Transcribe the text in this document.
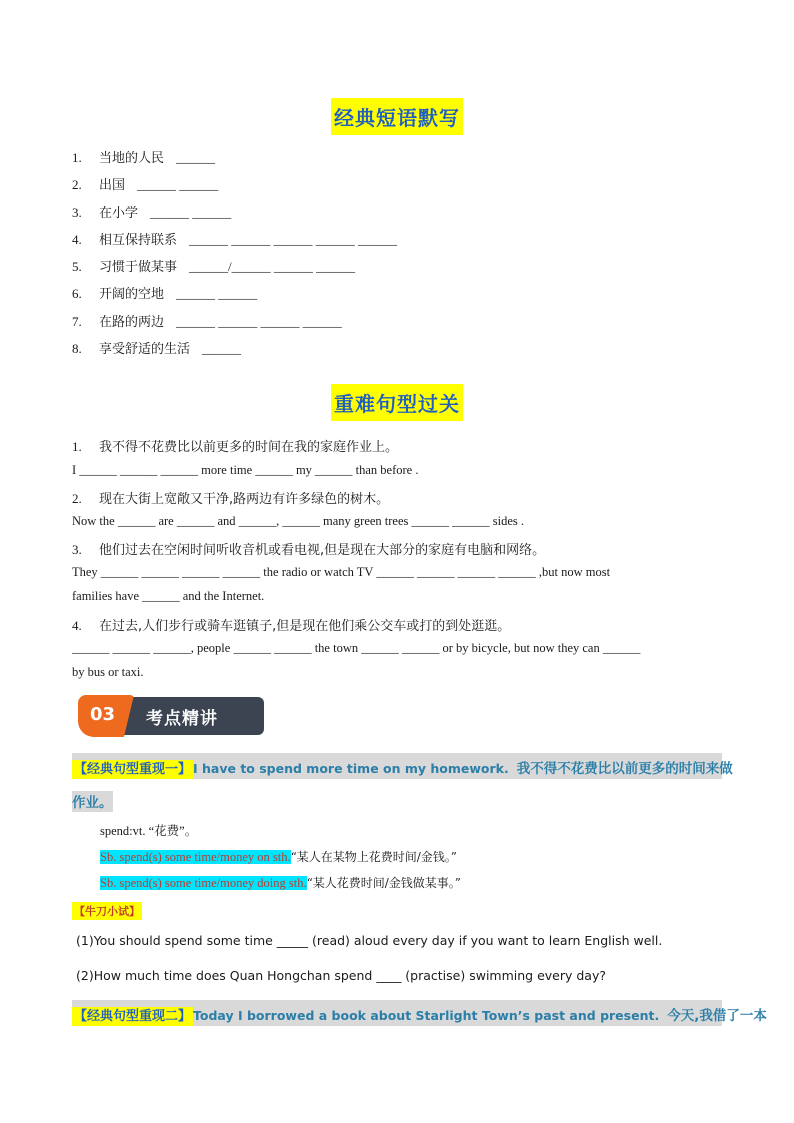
经典短语默写
1. 当地的人民 ______
2. 出国 ______ ______
3. 在小学 ______ ______
4. 相互保持联系 ______ ______ ______ ______ ______
5. 习惯于做某事 ______/______ ______ ______
6. 开阔的空地 ______ ______
7. 在路的两边 ______ ______ ______ ______
8. 享受舒适的生活 ______
重难句型过关
1. 我不得不花费比以前更多的时间在我的家庭作业上。
I ______ ______ ______ more time ______ my ______ than before .
2. 现在大街上宽敞又干净,路两边有许多绿色的树木。
Now the ______ are ______ and ______, ______ many green trees ______ ______ sides .
3. 他们过去在空闲时间听收音机或看电视,但是现在大部分的家庭有电脑和网络。
They ______ ______ ______ ______ the radio or watch TV ______ ______ ______ ______ ,but now most
families have ______ and the Internet.
4. 在过去,人们步行或骑车逛镇子,但是现在他们乘公交车或打的到处逛逛。
______ ______ ______, people ______ ______ the town ______ ______ or by bicycle, but now they can ______
by bus or taxi.
03 考点精讲
【经典句型重现一】 I have to spend more time on my homework. 我不得不花费比以前更多的时间来做
作业。
spend:vt. “花费”。
Sb. spend(s) some time/money on sth.“某人在某物上花费时间/金钱。”
Sb. spend(s) some time/money doing sth.“某人花费时间/金钱做某事。”
【牛刀小试】
(1)You should spend some time _____ (read) aloud every day if you want to learn English well.
(2)How much time does Quan Hongchan spend ____ (practise) swimming every day?
【经典句型重现二】 Today I borrowed a book about Starlight Town’s past and present. 今天,我借了一本
